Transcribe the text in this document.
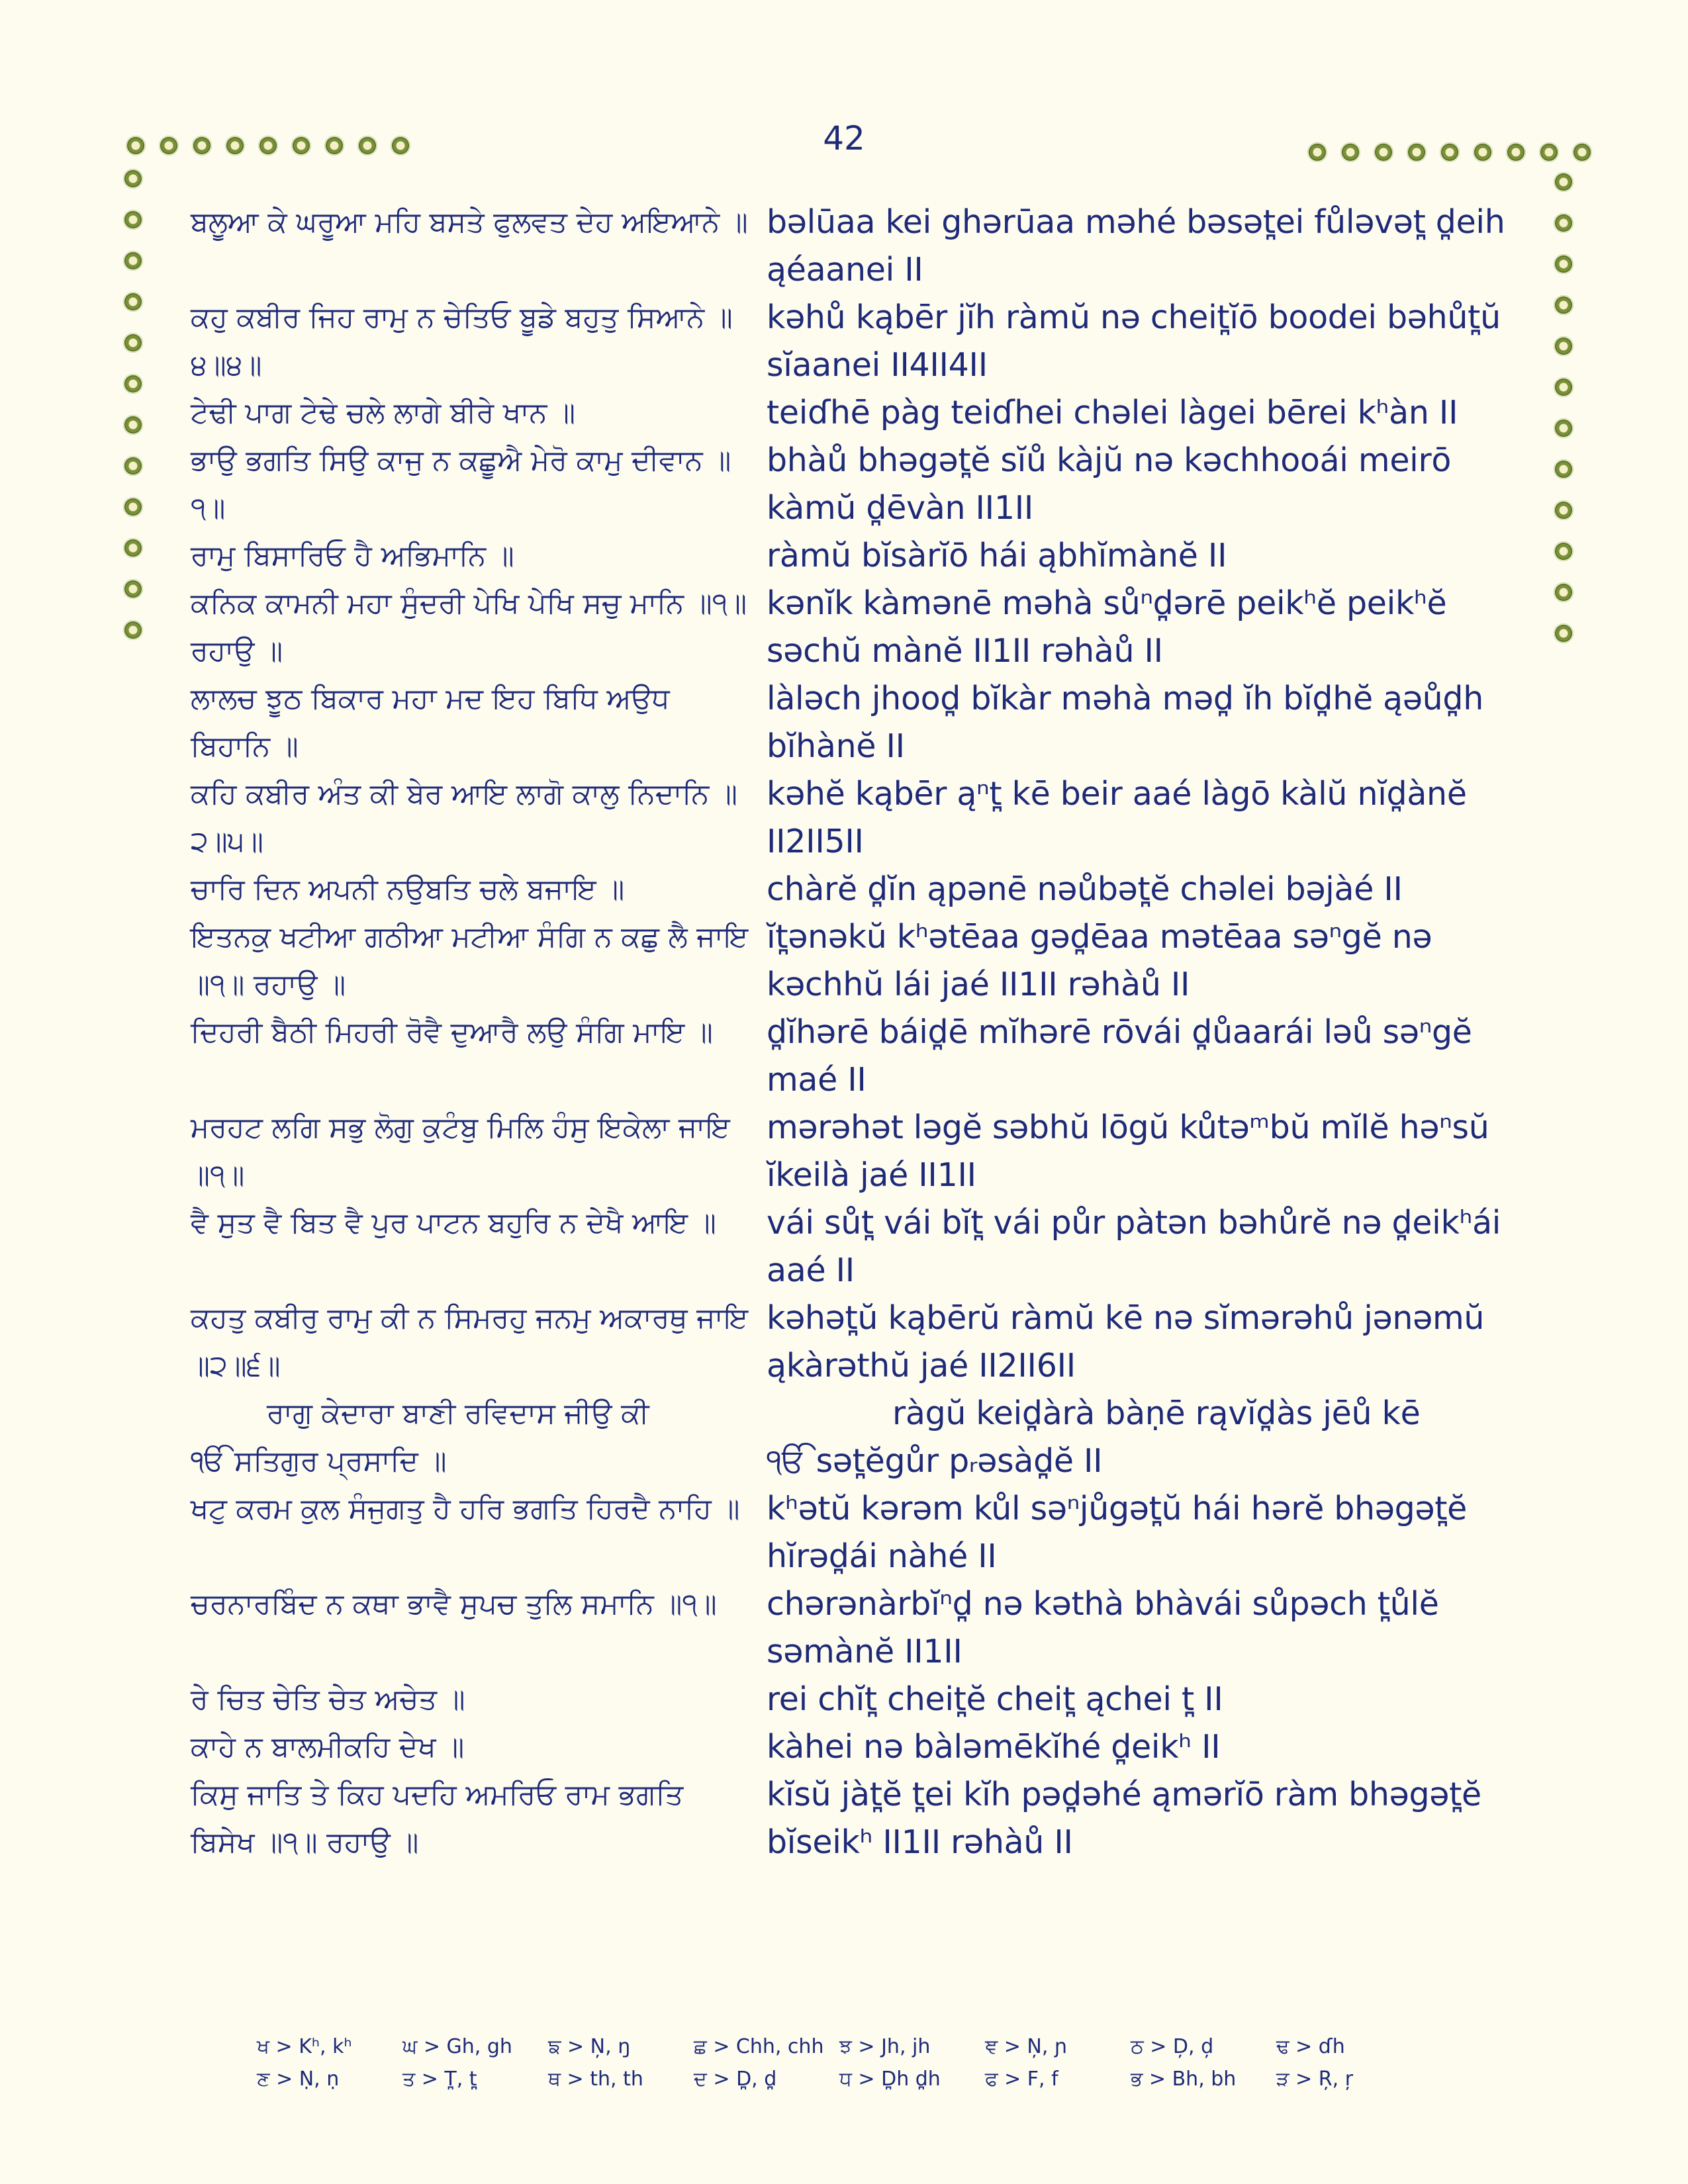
42
ਬਲੂਆ ਕੇ ਘਰੂਆ ਮਹਿ ਬਸਤੇ ਫੁਲਵਤ ਦੇਹ ਅਇਆਨੇ ॥ bəlūaa kei ghərūaa məhé bəsət̪ei fůləvət̪ d̪eih ąéaanei II
ਕਹੁ ਕਬੀਰ ਜਿਹ ਰਾਮੁ ਨ ਚੇਤਿਓ ਬੂਡੇ ਬਹੁਤੁ ਸਿਆਨੇ ॥੪॥੪॥
kəhů kąbēr jĭh ràmŭ nə cheit̪ĭō boodei bəhůt̪ŭ sĭaanei II4II4II
ਟੇਢੀ ਪਾਗ ਟੇਢੇ ਚਲੇ ਲਾਗੇ ਬੀਰੇ ਖਾਨ ॥	teiɗhē pàg teiɗhei chəlei làgei bērei kʰàn II
ਭਾਉ ਭਗਤਿ ਸਿਉ ਕਾਜੁ ਨ ਕਛੂਐ ਮੇਰੋ ਕਾਮੁ ਦੀਵਾਨ ॥੧॥
bhàů bhəgət̪ĕ sĭů kàjŭ nə kəchhooái meirō kàmŭ d̪ēvàn II1II
ਰਾਮੁ ਬਿਸਾਰਿਓ ਹੈ ਅਭਿਮਾਨਿ ॥	ràmŭ bĭsàrĭō hái ąbhĭmànĕ II
ਕਨਿਕ ਕਾਮਨੀ ਮਹਾ ਸੁੰਦਰੀ ਪੇਖਿ ਪੇਖਿ ਸਚੁ ਮਾਨਿ ॥੧॥ ਰਹਾਉ ॥
kənĭk kàmənē məhà sůⁿd̪ərē peikʰĕ peikʰĕ səchŭ mànĕ II1II rəhàů II
ਲਾਲਚ ਝੂਠ ਬਿਕਾਰ ਮਹਾ ਮਦ ਇਹ ਬਿਧਿ ਅਉਧ ਬਿਹਾਨਿ ॥
làləch jhood̪ bĭkàr məhà məd̪ ĭh bĭd̪hĕ ąəůd̪h bĭhànĕ II
ਕਹਿ ਕਬੀਰ ਅੰਤ ਕੀ ਬੇਰ ਆਇ ਲਾਗੋ ਕਾਲੁ ਨਿਦਾਨਿ ॥੨॥੫॥
kəhĕ kąbēr ąⁿt̪ kē beir aaé làgō kàlŭ nĭd̪ànĕ II2II5II
ਚਾਰਿ ਦਿਨ ਅਪਨੀ ਨਉਬਤਿ ਚਲੇ ਬਜਾਇ ॥	chàrĕ d̪ĭn ąpənē nəůbət̪ĕ chəlei bəjàé II
ਇਤਨਕੁ ਖਟੀਆ ਗਠੀਆ ਮਟੀਆ ਸੰਗਿ ਨ ਕਛੁ ਲੈ ਜਾਇ ॥੧॥ ਰਹਾਉ ॥
ĭt̪ənəkŭ kʰətēaa gəd̪ēaa mətēaa səⁿgĕ nə kəchhŭ lái jaé II1II rəhàů II
ਦਿਹਰੀ ਬੈਠੀ ਮਿਹਰੀ ਰੋਵੈ ਦੁਆਰੈ ਲਉ ਸੰਗਿ ਮਾਇ ॥	d̪ĭhərē báid̪ē mĭhərē rōvái d̪ůaarái ləů səⁿgĕ maé II
ਮਰਹਟ ਲਗਿ ਸਭੁ ਲੋਗੁ ਕੁਟੰਬੁ ਮਿਲਿ ਹੰਸੁ ਇਕੇਲਾ ਜਾਇ ॥੧॥
mərəhət ləgĕ səbhŭ lōgŭ kůtəᵐbŭ mĭlĕ həⁿsŭ ĭkeilà jaé II1II
ਵੈ ਸੁਤ ਵੈ ਬਿਤ ਵੈ ਪੁਰ ਪਾਟਨ ਬਹੁਰਿ ਨ ਦੇਖੈ ਆਇ ॥	vái sůt̪ vái bĭt̪ vái půr pàtən bəhůrĕ nə d̪eikʰái aaé II
ਕਹਤੁ ਕਬੀਰੁ ਰਾਮੁ ਕੀ ਨ ਸਿਮਰਹੁ ਜਨਮੁ ਅਕਾਰਥੁ ਜਾਇ ॥੨॥੬॥
kəhət̪ŭ kąbērŭ ràmŭ kē nə sĭmərəhů jənəmŭ ąkàrəthŭ jaé II2II6II
ਰਾਗੁ ਕੇਦਾਰਾ ਬਾਣੀ ਰਵਿਦਾਸ ਜੀਉ ਕੀ	ràgŭ keid̪àrà bàṇē rąvĭd̪às jēů kē
ੴ ਸਤਿਗੁਰ ਪ੍ਰਸਾਦਿ ॥	ੴ sət̪ĕgůr pᵣəsàd̪ĕ II
ਖਟੁ ਕਰਮ ਕੁਲ ਸੰਜੁਗਤੁ ਹੈ ਹਰਿ ਭਗਤਿ ਹਿਰਦੈ ਨਾਹਿ ॥ kʰətŭ kərəm kůl səⁿjůgət̪ŭ hái hərĕ bhəgət̪ĕ hĭrəd̪ái nàhé II
ਚਰਨਾਰਬਿੰਦ ਨ ਕਥਾ ਭਾਵੈ ਸੁਪਚ ਤੁਲਿ ਸਮਾਨਿ ॥੧॥	chərənàrbĭⁿd̪ nə kəthà bhàvái sůpəch t̪ůlĕ səmànĕ II1II
ਰੇ ਚਿਤ ਚੇਤਿ ਚੇਤ ਅਚੇਤ ॥	rei chĭt̪ cheit̪ĕ cheit̪ ąchei t̪ II
ਕਾਹੇ ਨ ਬਾਲਮੀਕਹਿ ਦੇਖ ॥	kàhei nə bàləmēkĭhé d̪eikʰ II
ਕਿਸੁ ਜਾਤਿ ਤੇ ਕਿਹ ਪਦਹਿ ਅਮਰਿਓ ਰਾਮ ਭਗਤਿ ਬਿਸੇਖ ॥੧॥ ਰਹਾਉ ॥
kĭsŭ jàt̪ĕ t̪ei kĭh pəd̪əhé ąmərĭō ràm bhəgət̪ĕ bĭseikʰ II1II rəhàů II
ਖ > Kʰ, kʰ	ਘ > Gh, gh	ਙ > N̦, ŋ	ਛ > Chh, chh ਝ > Jh, jh	ਞ > N̦, ɲ	ਠ > D̦, d̦	ਢ > ɗh
ਣ > Ṇ, ṇ	ਤ > T̪, t̪	ਥ > th, th	ਦ > D̪, d̪	ਧ > D̪h d̪h	ਫ > F, f	ਭ > Bh, bh	ੜ > Ŗ, ŗ
